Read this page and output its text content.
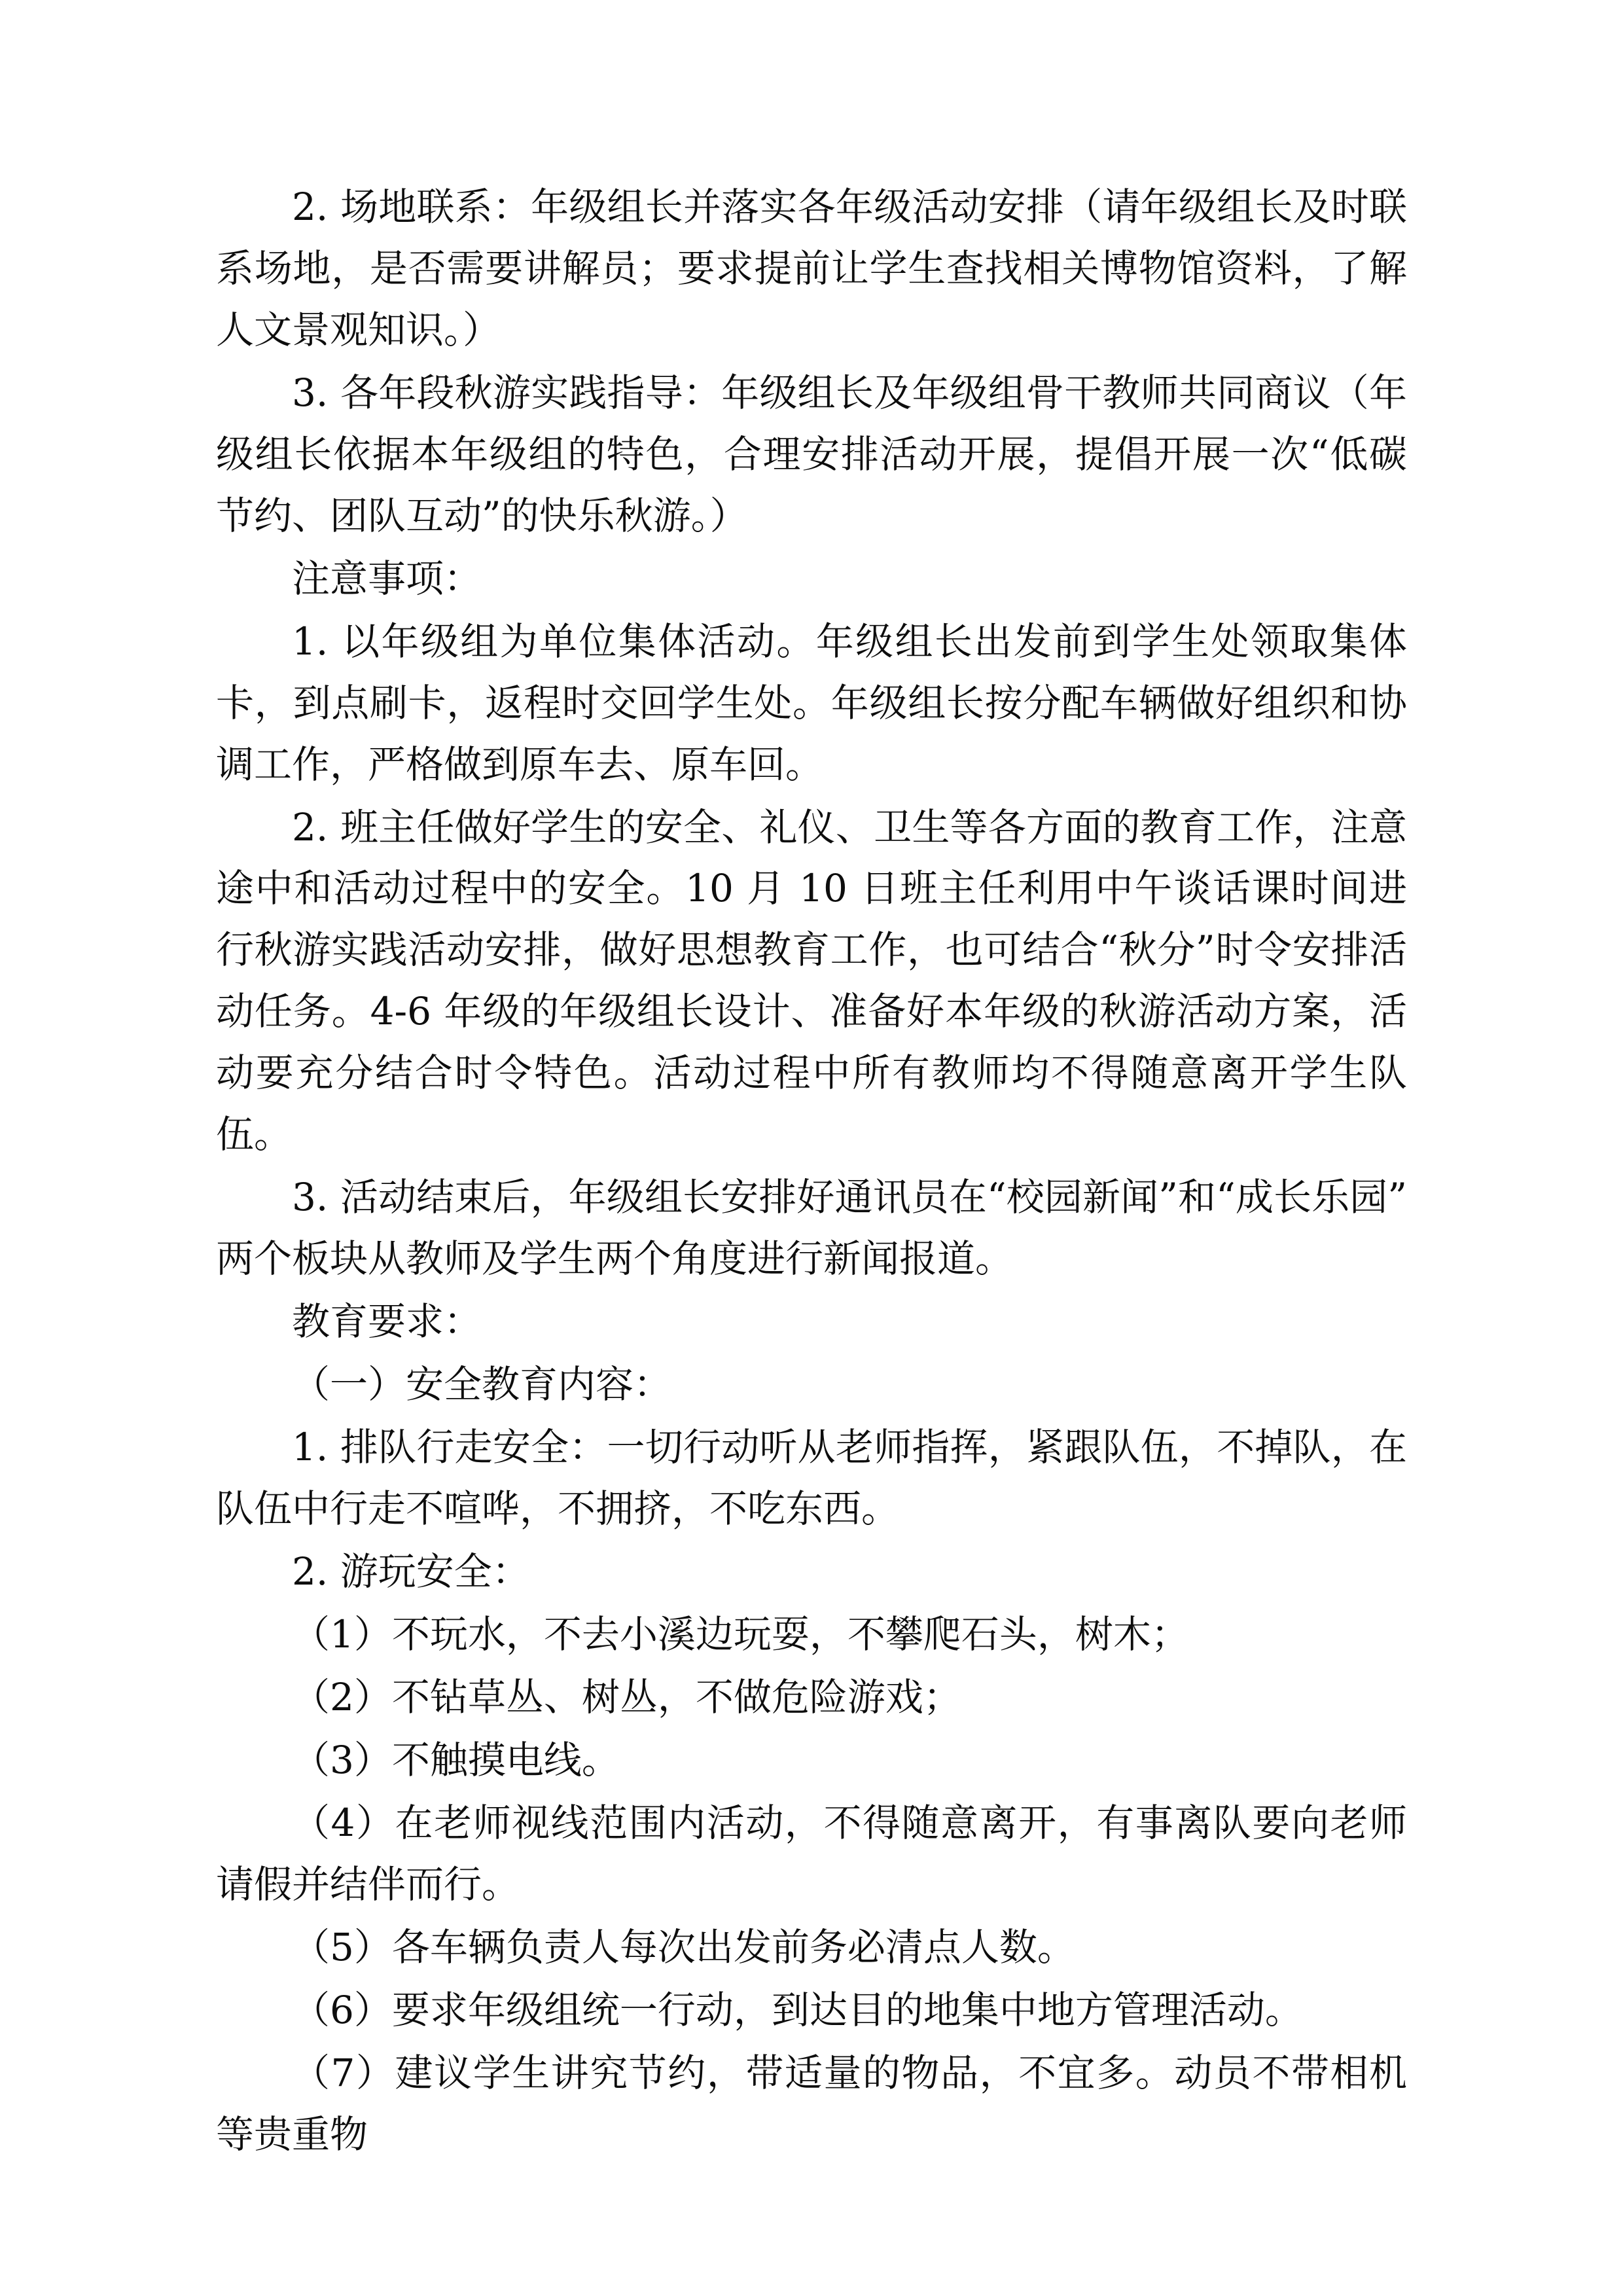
2. 场地联系：年级组长并落实各年级活动安排（请年级组长及时联系场地，是否需要讲解员；要求提前让学生查找相关博物馆资料，了解人文景观知识。）

3. 各年段秋游实践指导：年级组长及年级组骨干教师共同商议（年级组长依据本年级组的特色，合理安排活动开展，提倡开展一次“低碳节约、团队互动”的快乐秋游。）

注意事项：

1. 以年级组为单位集体活动。年级组长出发前到学生处领取集体卡，到点刷卡，返程时交回学生处。年级组长按分配车辆做好组织和协调工作，严格做到原车去、原车回。

2. 班主任做好学生的安全、礼仪、卫生等各方面的教育工作，注意途中和活动过程中的安全。10 月 10 日班主任利用中午谈话课时间进行秋游实践活动安排，做好思想教育工作，也可结合“秋分”时令安排活动任务。4-6 年级的年级组长设计、准备好本年级的秋游活动方案，活动要充分结合时令特色。活动过程中所有教师均不得随意离开学生队伍。

3. 活动结束后，年级组长安排好通讯员在“校园新闻”和“成长乐园”两个板块从教师及学生两个角度进行新闻报道。

教育要求：

（一）安全教育内容：

1. 排队行走安全：一切行动听从老师指挥，紧跟队伍，不掉队，在队伍中行走不喧哗，不拥挤，不吃东西。

2. 游玩安全：

（1）不玩水，不去小溪边玩耍，不攀爬石头，树木；

（2）不钻草丛、树丛，不做危险游戏；

（3）不触摸电线。

（4）在老师视线范围内活动，不得随意离开，有事离队要向老师请假并结伴而行。

（5）各车辆负责人每次出发前务必清点人数。

（6）要求年级组统一行动，到达目的地集中地方管理活动。

（7）建议学生讲究节约，带适量的物品，不宜多。动员不带相机等贵重物
